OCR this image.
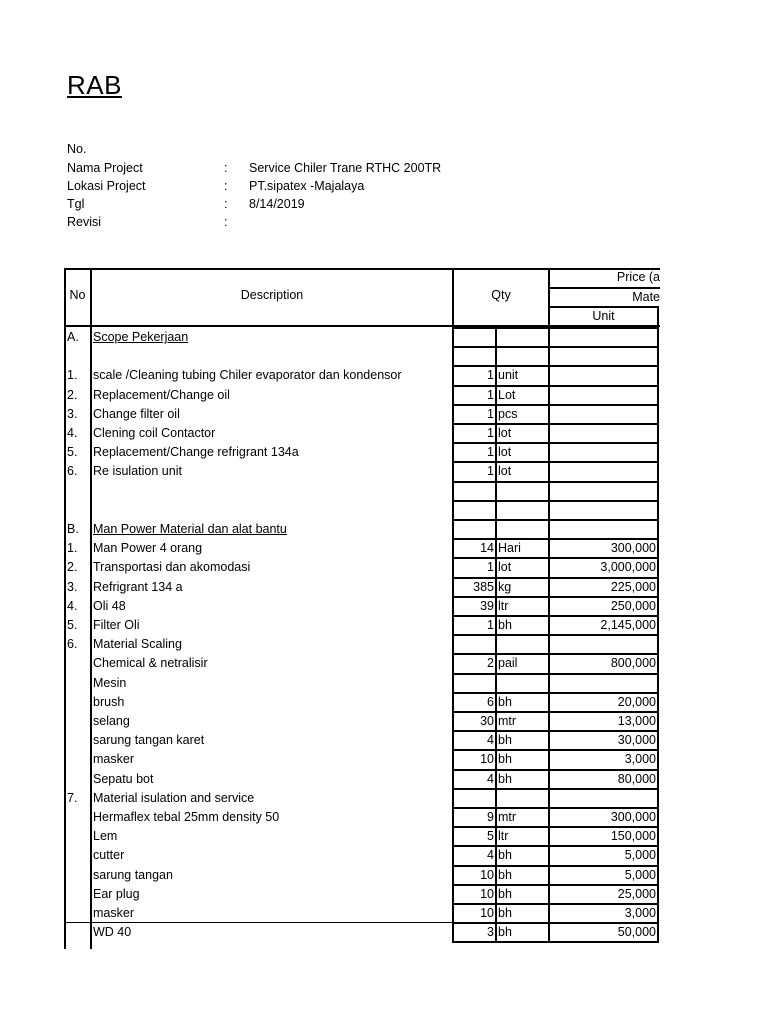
RAB
No.
Nama Project	: Service Chiler Trane RTHC 200TR
Lokasi Project	: PT.sipatex -Majalaya
Tgl	: 8/14/2019
Revisi	:
No	Description	Qty
Price (a
Mate
Unit
A. Scope Pekerjaan
1. scale /Cleaning tubing Chiler evaporator dan kondensor	1 unit
2. Replacement/Change oil	1 Lot
3. Change filter oil	1 pcs
4. Clening coil Contactor	1 lot
5. Replacement/Change refrigrant 134a	1 lot
6. Re isulation unit	1 lot
B. Man Power Material dan alat bantu
1. Man Power 4 orang	14 Hari	300,000
2. Transportasi dan akomodasi	1 lot	3,000,000
3. Refrigrant 134 a	385 kg	225,000
4. Oli 48	39 ltr	250,000
5. Filter Oli	1 bh	2,145,000
6. Material Scaling
Chemical & netralisir	2 pail	800,000
Mesin
brush	6 bh	20,000
selang	30 mtr	13,000
sarung tangan karet	4 bh	30,000
masker	10 bh	3,000
Sepatu bot	4 bh	80,000
7. Material isulation and service
Hermaflex tebal 25mm density 50	9 mtr	300,000
Lem	5 ltr	150,000
cutter	4 bh	5,000
sarung tangan	10 bh	5,000
Ear plug	10 bh	25,000
masker	10 bh	3,000
WD 40	3 bh	50,000
